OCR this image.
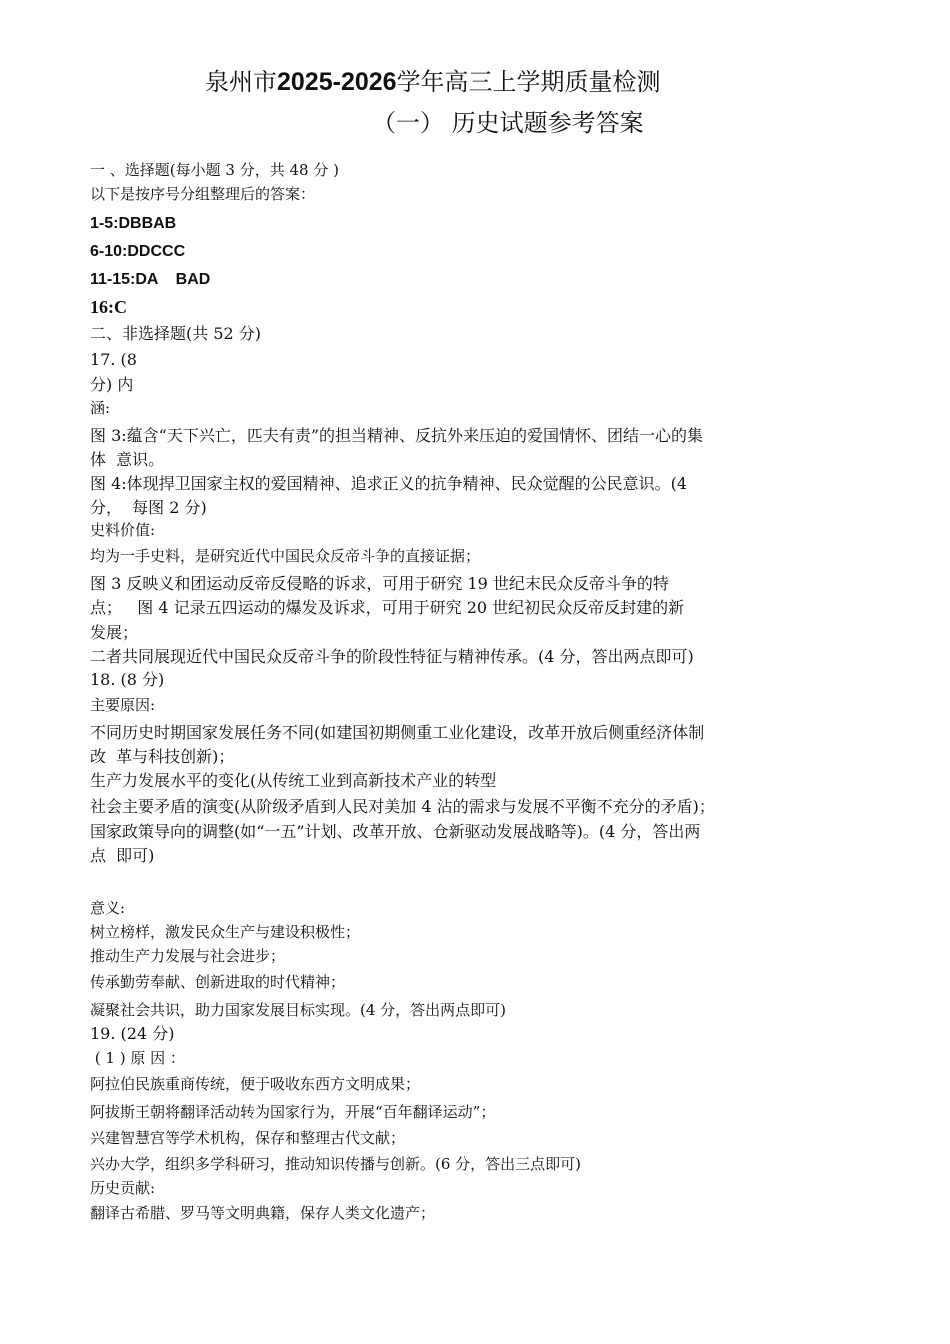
泉州市2025-2026学年高三上学期质量检测
（一） 历史试题参考答案
一 、选择题(每小题 3 分，共 48 分 )
以下是按序号分组整理后的答案：
1-5:DBBAB
6-10:DDCCC
11-15:DA    BAD
16:C
二、非选择题(共 52 分)
17. (8
分) 内
涵:
图 3:蕴含“天下兴亡，匹夫有责”的担当精神、反抗外来压迫的爱国情怀、团结一心的集
体  意识。
图 4:体现捍卫国家主权的爱国精神、追求正义的抗争精神、民众觉醒的公民意识。(4
分，  每图 2 分)
史料价值:
均为一手史料，是研究近代中国民众反帝斗争的直接证据；
图 3 反映义和团运动反帝反侵略的诉求，可用于研究 19 世纪末民众反帝斗争的特
点；   图 4 记录五四运动的爆发及诉求，可用于研究 20 世纪初民众反帝反封建的新
发展；
二者共同展现近代中国民众反帝斗争的阶段性特征与精神传承。(4 分，答出两点即可)
18. (8 分)
主要原因:
不同历史时期国家发展任务不同(如建国初期侧重工业化建设，改革开放后侧重经济体制
改  革与科技创新)；
生产力发展水平的变化(从传统工业到高新技术产业的转型
社会主要矛盾的演变(从阶级矛盾到人民对美加 4 沾的需求与发展不平衡不充分的矛盾)；
国家政策导向的调整(如“一五”计划、改革开放、仓新驱动发展战略等)。(4 分，答出两
点  即可)
意义:
树立榜样，激发民众生产与建设积极性；
推动生产力发展与社会进步；
传承勤劳奉献、创新进取的时代精神；
凝聚社会共识，助力国家发展目标实现。(4 分，答出两点即可)
19. (24 分)
( 1 ) 原 因 ：
阿拉伯民族重商传统，便于吸收东西方文明成果；
阿拔斯王朝将翻译活动转为国家行为，开展“百年翻译运动”；
兴建智慧宫等学术机构，保存和整理古代文献；
兴办大学，组织多学科研习，推动知识传播与创新。(6 分，答出三点即可)
历史贡献:
翻译古希腊、罗马等文明典籍，保存人类文化遗产；
